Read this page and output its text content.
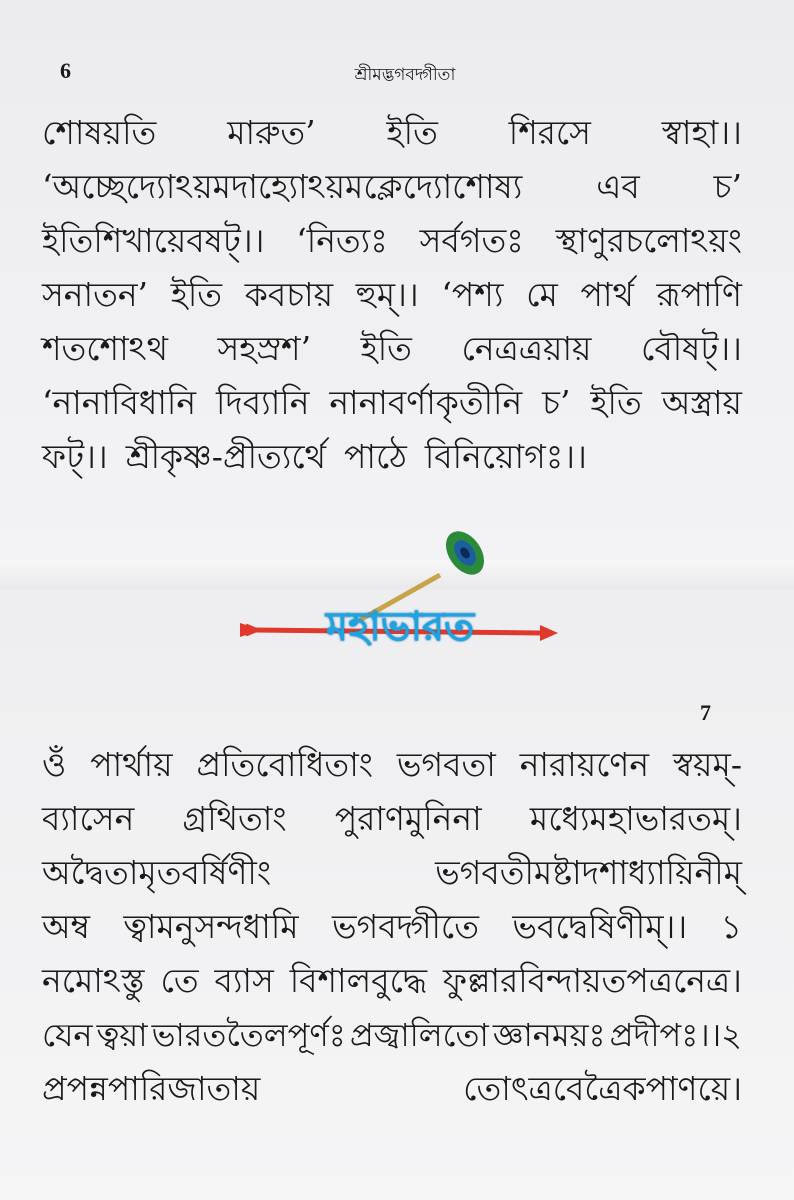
6	শ্রীমদ্ভগবদ্গীতা
শোষয়তি মারুত’ ইতি শিরসে স্বাহা।।
‘অচ্ছেদ্যোঽয়মদাহ্যোঽয়মক্লেদ্যোশোষ্য এব চ’
ইতিশিখায়েবষট্।। ‘নিত্যঃ সর্বগতঃ স্থাণুরচলোঽয়ং
সনাতন’ ইতি কবচায় হুম্।। ‘পশ্য মে পার্থ রূপাণি
শতশোঽথ সহস্রশ’ ইতি নেত্রত্রয়ায় বৌষট্।।
‘নানাবিধানি দিব্যানি নানাবর্ণাকৃতীনি চ’ ইতি অস্ত্রায়
ফট্।। শ্রীকৃষ্ণ-প্রীত্যর্থে পাঠে বিনিয়োগঃ।।
মহাভারত
7
ওঁ পার্থায় প্রতিবোধিতাং ভগবতা নারায়ণেন স্বয়ম্-
ব্যাসেন গ্রথিতাং পুরাণমুনিনা মধ্যেমহাভারতম্।
অদ্বৈতামৃতবর্ষিণীং	ভগবতীমষ্টাদশাধ্যায়িনীম্
অম্ব ত্বামনুসন্দধামি ভগবদ্গীতে ভবদ্বেষিণীম্।। ১
নমোঽস্তু তে ব্যাস বিশালবুদ্ধে ফুল্লারবিন্দায়তপত্রনেত্র।
যেন ত্বয়া ভারততৈলপূর্ণঃ প্রজ্বালিতো জ্ঞানময়ঃ প্রদীপঃ।।২
প্রপন্নপারিজাতায়	তোৎত্রবেত্রৈকপাণয়ে।
